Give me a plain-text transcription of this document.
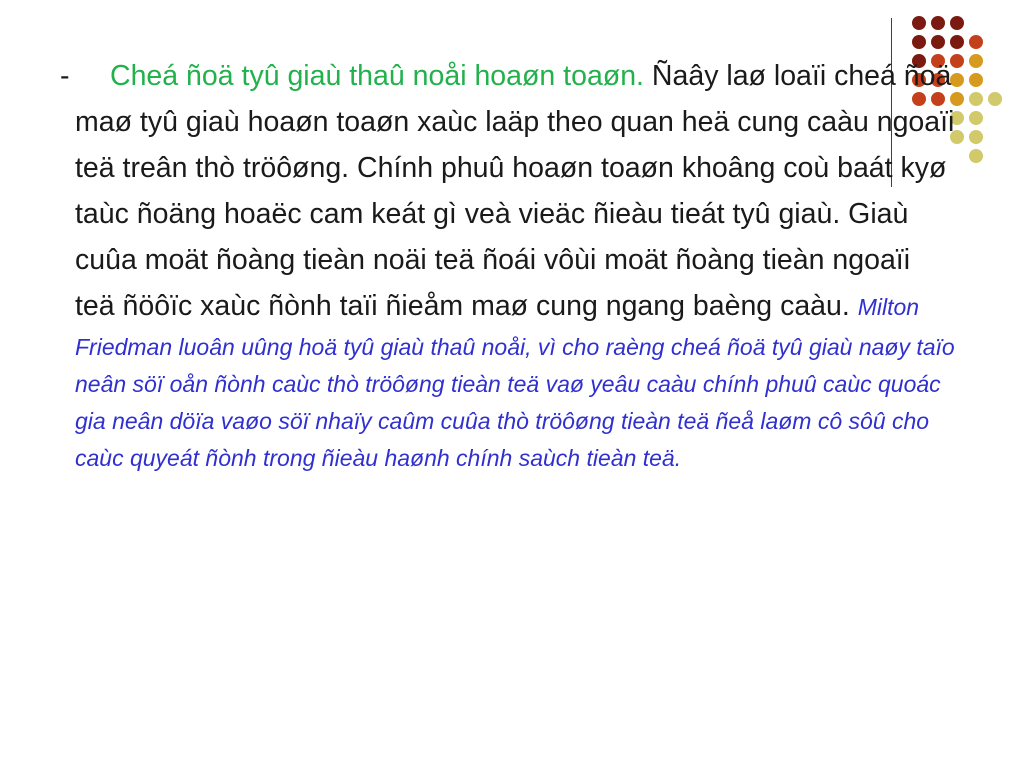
- Cheá ñoä tyû giaù thaû noåi hoaøn toaøn. Ñaây laø loaïi cheá ñoä
maø tyû giaù hoaøn toaøn xaùc laäp theo quan heä cung caàu ngoaïi
teä treân thò tröôøng. Chính phuû hoaøn toaøn khoâng coù baát kyø
taùc ñoäng hoaëc cam keát gì veà vieäc ñieàu tieát tyû giaù. Giaù
cuûa moät ñoàng tieàn noäi teä ñoái vôùi moät ñoàng tieàn ngoaïi
teä ñöôïc xaùc ñònh taïi ñieåm maø cung ngang baèng caàu. Milton
Friedman luoân uûng hoä tyû giaù thaû noåi, vì cho raèng cheá ñoä tyû giaù naøy taïo
neân söï oån ñònh caùc thò tröôøng tieàn teä vaø yeâu caàu chính phuû caùc quoác
gia neân döïa vaøo söï nhaïy caûm cuûa thò tröôøng tieàn teä ñeå laøm cô sôû cho
caùc quyeát ñònh trong ñieàu haønh chính saùch tieàn teä.
